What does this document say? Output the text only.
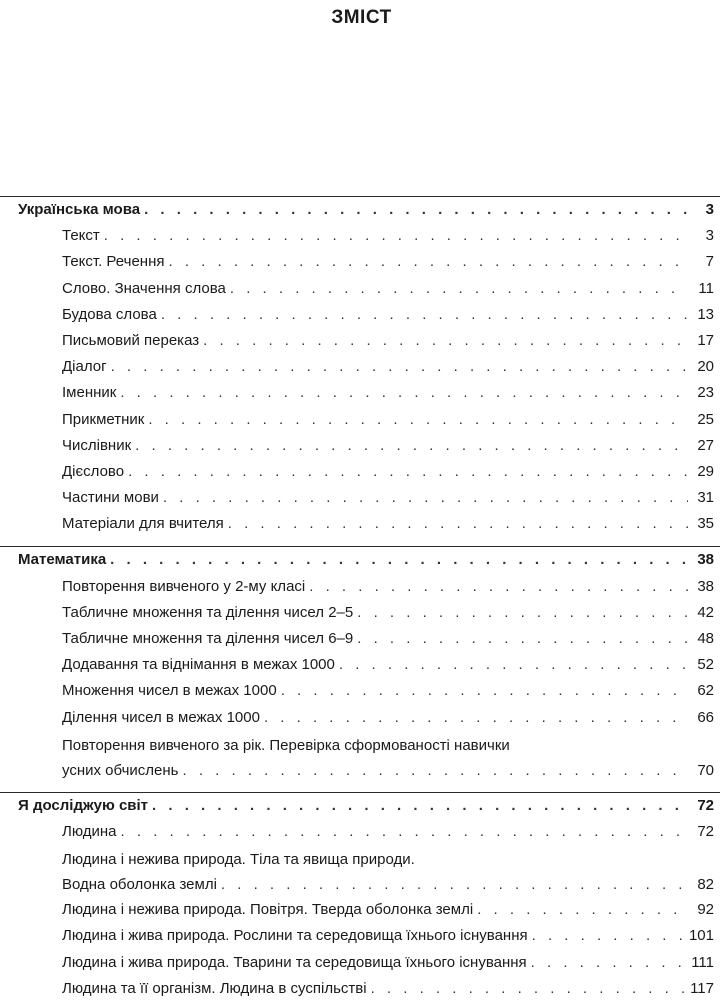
ЗМІСТ
Українська мова . . .	3
Текст . . .	3
Текст. Речення . . .	7
Слово. Значення слова . . .	11
Будова слова . . .	13
Письмовий переказ . . .	17
Діалог . . .	20
Іменник . . .	23
Прикметник . . .	25
Числівник . . .	27
Дієслово . . .	29
Частини мови . . .	31
Матеріали для вчителя . . .	35
Математика . . .	38
Повторення вивченого у 2-му класі . . .	38
Табличне множення та ділення чисел 2–5 . . .	42
Табличне множення та ділення чисел 6–9 . . .	48
Додавання та віднімання в межах 1000 . . .	52
Множення чисел в межах 1000 . . .	62
Ділення чисел в межах 1000 . . .	66
Повторення вивченого за рік. Перевірка сформованості навички
усних обчислень . . .	70
Я досліджую світ . . .	72
Людина . . .	72
Людина і нежива природа. Тіла та явища природи.
Водна оболонка землі . . .	82
Людина і нежива природа. Повітря. Тверда оболонка землі . . .	92
Людина і жива природа. Рослини та середовища їхнього існування . . .	101
Людина і жива природа. Тварини та середовища їхнього існування . . .	111
Людина та її організм. Людина в суспільстві . . .	117
